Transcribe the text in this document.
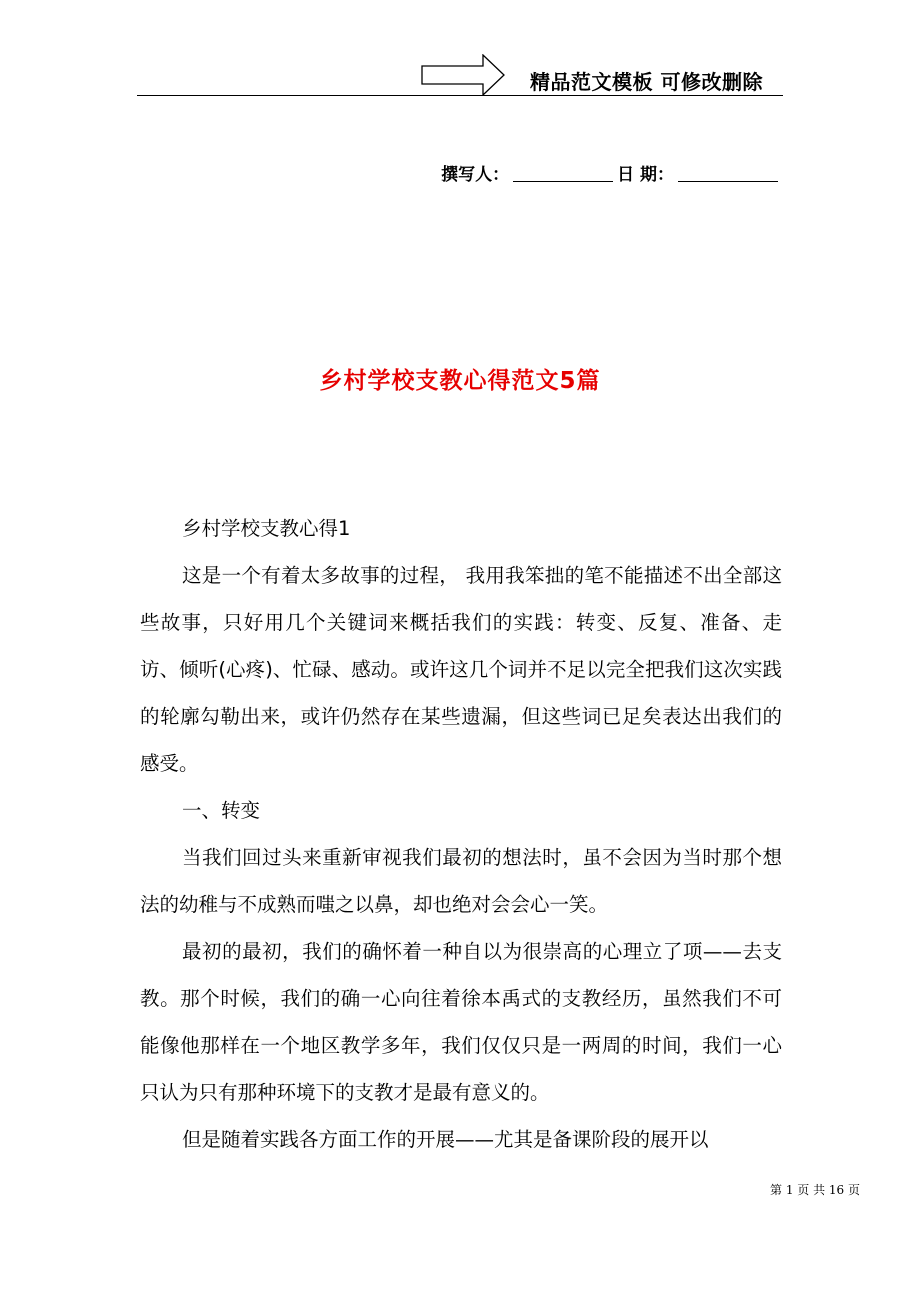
精品范文模板 可修改删除
撰写人：	日 期：
乡村学校支教心得范文5篇

乡村学校支教心得1

这是一个有着太多故事的过程， 我用我笨拙的笔不能描述不出全部这些故事，只好用几个关键词来概括我们的实践：转变、反复、准备、走访、倾听(心疼)、忙碌、感动。或许这几个词并不足以完全把我们这次实践的轮廓勾勒出来，或许仍然存在某些遗漏，但这些词已足矣表达出我们的感受。

一、转变

当我们回过头来重新审视我们最初的想法时，虽不会因为当时那个想法的幼稚与不成熟而嗤之以鼻，却也绝对会会心一笑。

最初的最初，我们的确怀着一种自以为很崇高的心理立了项——去支教。那个时候，我们的确一心向往着徐本禹式的支教经历，虽然我们不可能像他那样在一个地区教学多年，我们仅仅只是一两周的时间，我们一心只认为只有那种环境下的支教才是最有意义的。

但是随着实践各方面工作的开展——尤其是备课阶段的展开以

第 1 页 共 16 页
